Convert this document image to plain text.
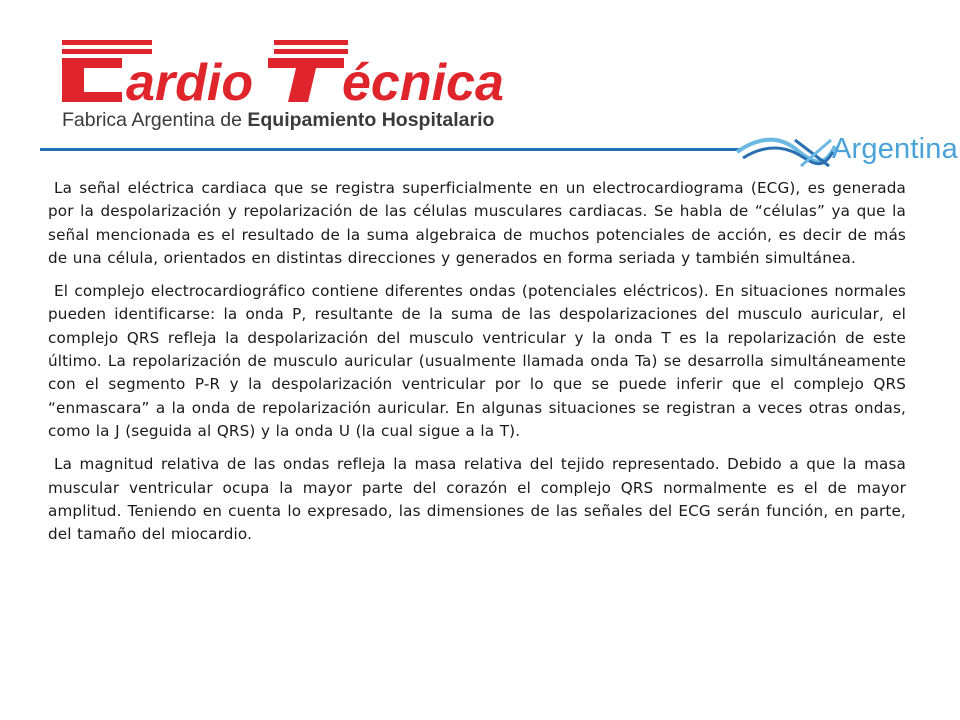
ardio écnica
Fabrica Argentina de Equipamiento Hospitalario
Argentina

La señal eléctrica cardiaca que se registra superficialmente en un electrocardiograma (ECG), es generada por la despolarización y repolarización de las células musculares cardiacas. Se habla de “células” ya que la señal mencionada es el resultado de la suma algebraica de muchos potenciales de acción, es decir de más de una célula, orientados en distintas direcciones y generados en forma seriada y también simultánea.

El complejo electrocardiográfico contiene diferentes ondas (potenciales eléctricos). En situaciones normales pueden identificarse: la onda P, resultante de la suma de las despolarizaciones del musculo auricular, el complejo QRS refleja la despolarización del musculo ventricular y la onda T es la repolarización de este último. La repolarización de musculo auricular (usualmente llamada onda Ta) se desarrolla simultáneamente con el segmento P-R y la despolarización ventricular por lo que se puede inferir que el complejo QRS “enmascara” a la onda de repolarización auricular. En algunas situaciones se registran a veces otras ondas, como la J (seguida al QRS) y la onda U (la cual sigue a la T).

La magnitud relativa de las ondas refleja la masa relativa del tejido representado. Debido a que la masa muscular ventricular ocupa la mayor parte del corazón el complejo QRS normalmente es el de mayor amplitud. Teniendo en cuenta lo expresado, las dimensiones de las señales del ECG serán función, en parte, del tamaño del miocardio.
